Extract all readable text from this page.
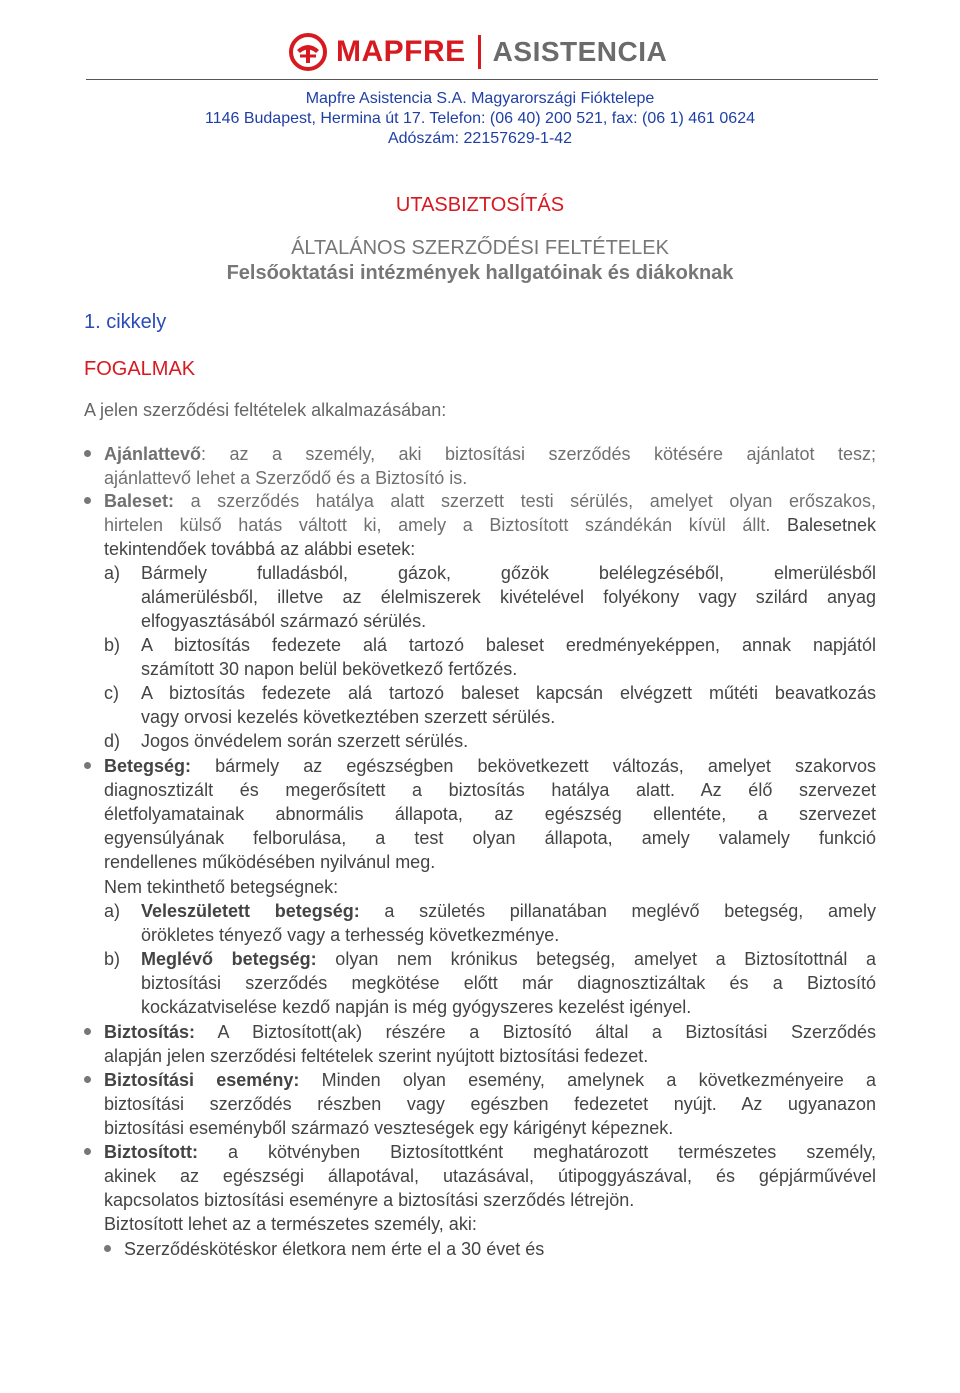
MAPFRE ASISTENCIA
Mapfre Asistencia S.A. Magyarországi Fióktelepe
1146 Budapest, Hermina út 17. Telefon: (06 40) 200 521, fax: (06 1) 461 0624
Adószám: 22157629-1-42
UTASBIZTOSÍTÁS
ÁLTALÁNOS SZERZŐDÉSI FELTÉTELEK
Felsőoktatási intézmények hallgatóinak és diákoknak
1. cikkely
FOGALMAK
A jelen szerződési feltételek alkalmazásában:
Ajánlattevő: az a személy, aki biztosítási szerződés kötésére ajánlatot tesz;
ajánlattevő lehet a Szerződő és a Biztosító is.
Baleset: a szerződés hatálya alatt szerzett testi sérülés, amelyet olyan erőszakos,
hirtelen külső hatás váltott ki, amely a Biztosított szándékán kívül állt. Balesetnek
tekintendőek továbbá az alábbi esetek:
a)	Bármely fulladásból, gázok, gőzök belélegzéséből, elmerülésből
alámerülésből, illetve az élelmiszerek kivételével folyékony vagy szilárd anyag
elfogyasztásából származó sérülés.
b)	A biztosítás fedezete alá tartozó baleset eredményeképpen, annak napjától
számított 30 napon belül bekövetkező fertőzés.
c)	A biztosítás fedezete alá tartozó baleset kapcsán elvégzett műtéti beavatkozás
vagy orvosi kezelés következtében szerzett sérülés.
d)	Jogos önvédelem során szerzett sérülés.
Betegség: bármely az egészségben bekövetkezett változás, amelyet szakorvos
diagnosztizált és megerősített a biztosítás hatálya alatt. Az élő szervezet
életfolyamatainak abnormális állapota, az egészség ellentéte, a szervezet
egyensúlyának felborulása, a test olyan állapota, amely valamely funkció
rendellenes működésében nyilvánul meg.
Nem tekinthető betegségnek:
a)	Veleszületett betegség: a születés pillanatában meglévő betegség, amely
örökletes tényező vagy a terhesség következménye.
b)	Meglévő betegség: olyan nem krónikus betegség, amelyet a Biztosítottnál a
biztosítási szerződés megkötése előtt már diagnosztizáltak és a Biztosító
kockázatviselése kezdő napján is még gyógyszeres kezelést igényel.
Biztosítás: A Biztosított(ak) részére a Biztosító által a Biztosítási Szerződés
alapján jelen szerződési feltételek szerint nyújtott biztosítási fedezet.
Biztosítási esemény: Minden olyan esemény, amelynek a következményeire a
biztosítási szerződés részben vagy egészben fedezetet nyújt. Az ugyanazon
biztosítási eseményből származó veszteségek egy kárigényt képeznek.
Biztosított: a kötvényben Biztosítottként meghatározott természetes személy,
akinek az egészségi állapotával, utazásával, útipoggyászával, és gépjárművével
kapcsolatos biztosítási eseményre a biztosítási szerződés létrejön.
Biztosított lehet az a természetes személy, aki:
Szerződéskötéskor életkora nem érte el a 30 évet és
